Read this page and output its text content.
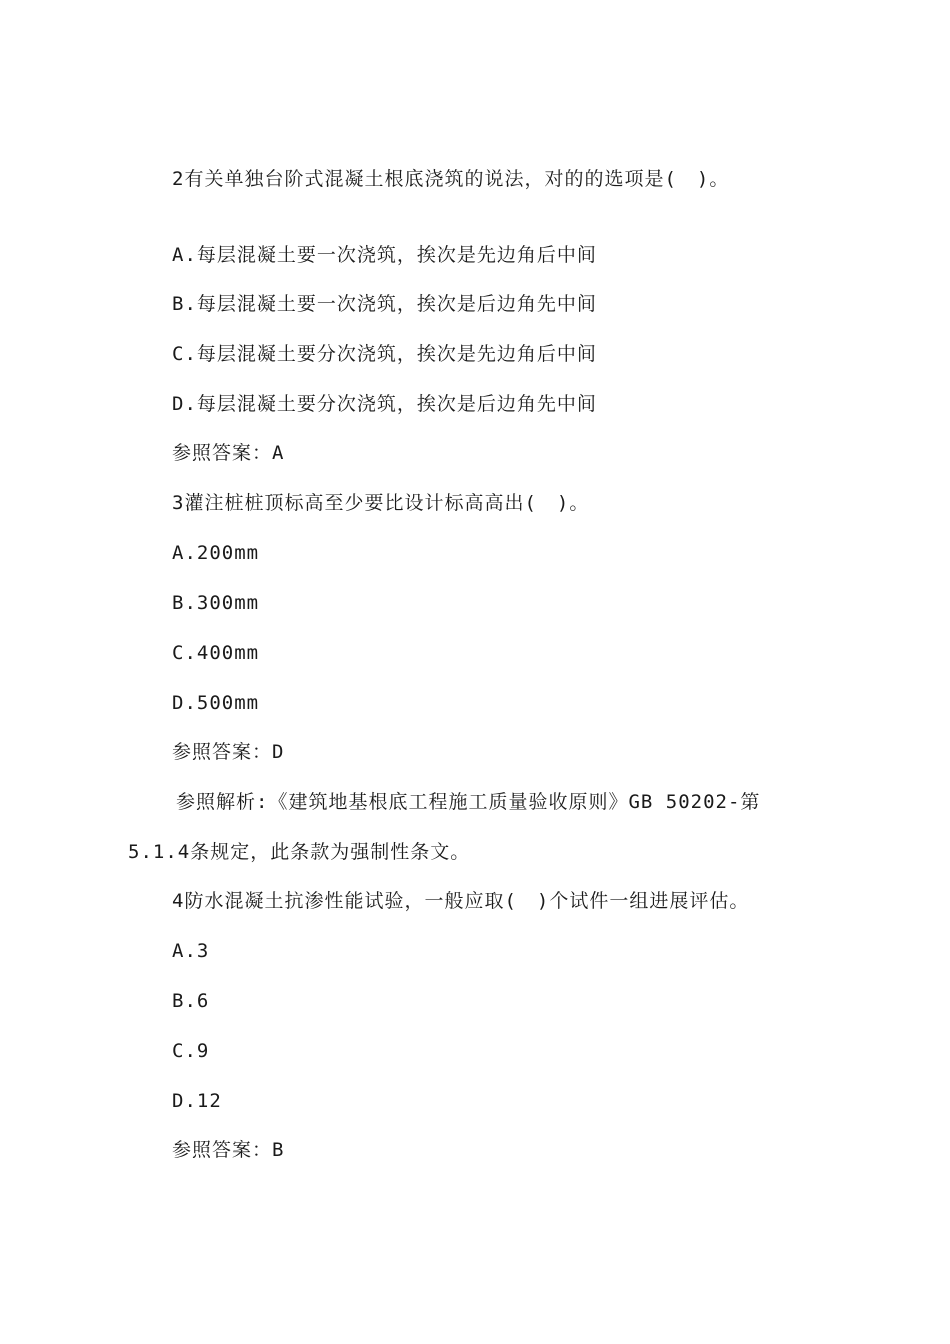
2有关单独台阶式混凝土根底浇筑的说法，对的的选项是(　)。

A.每层混凝土要一次浇筑，挨次是先边角后中间

B.每层混凝土要一次浇筑，挨次是后边角先中间

C.每层混凝土要分次浇筑，挨次是先边角后中间

D.每层混凝土要分次浇筑，挨次是后边角先中间

参照答案：A

3灌注桩桩顶标高至少要比设计标高高出(　)。

A.200mm

B.300mm

C.400mm

D.500mm

参照答案：D

参照解析:《建筑地基根底工程施工质量验收原则》GB 50202-第

5.1.4条规定，此条款为强制性条文。

4防水混凝土抗渗性能试验，一般应取(　)个试件一组进展评估。

A.3

B.6

C.9

D.12

参照答案：B
